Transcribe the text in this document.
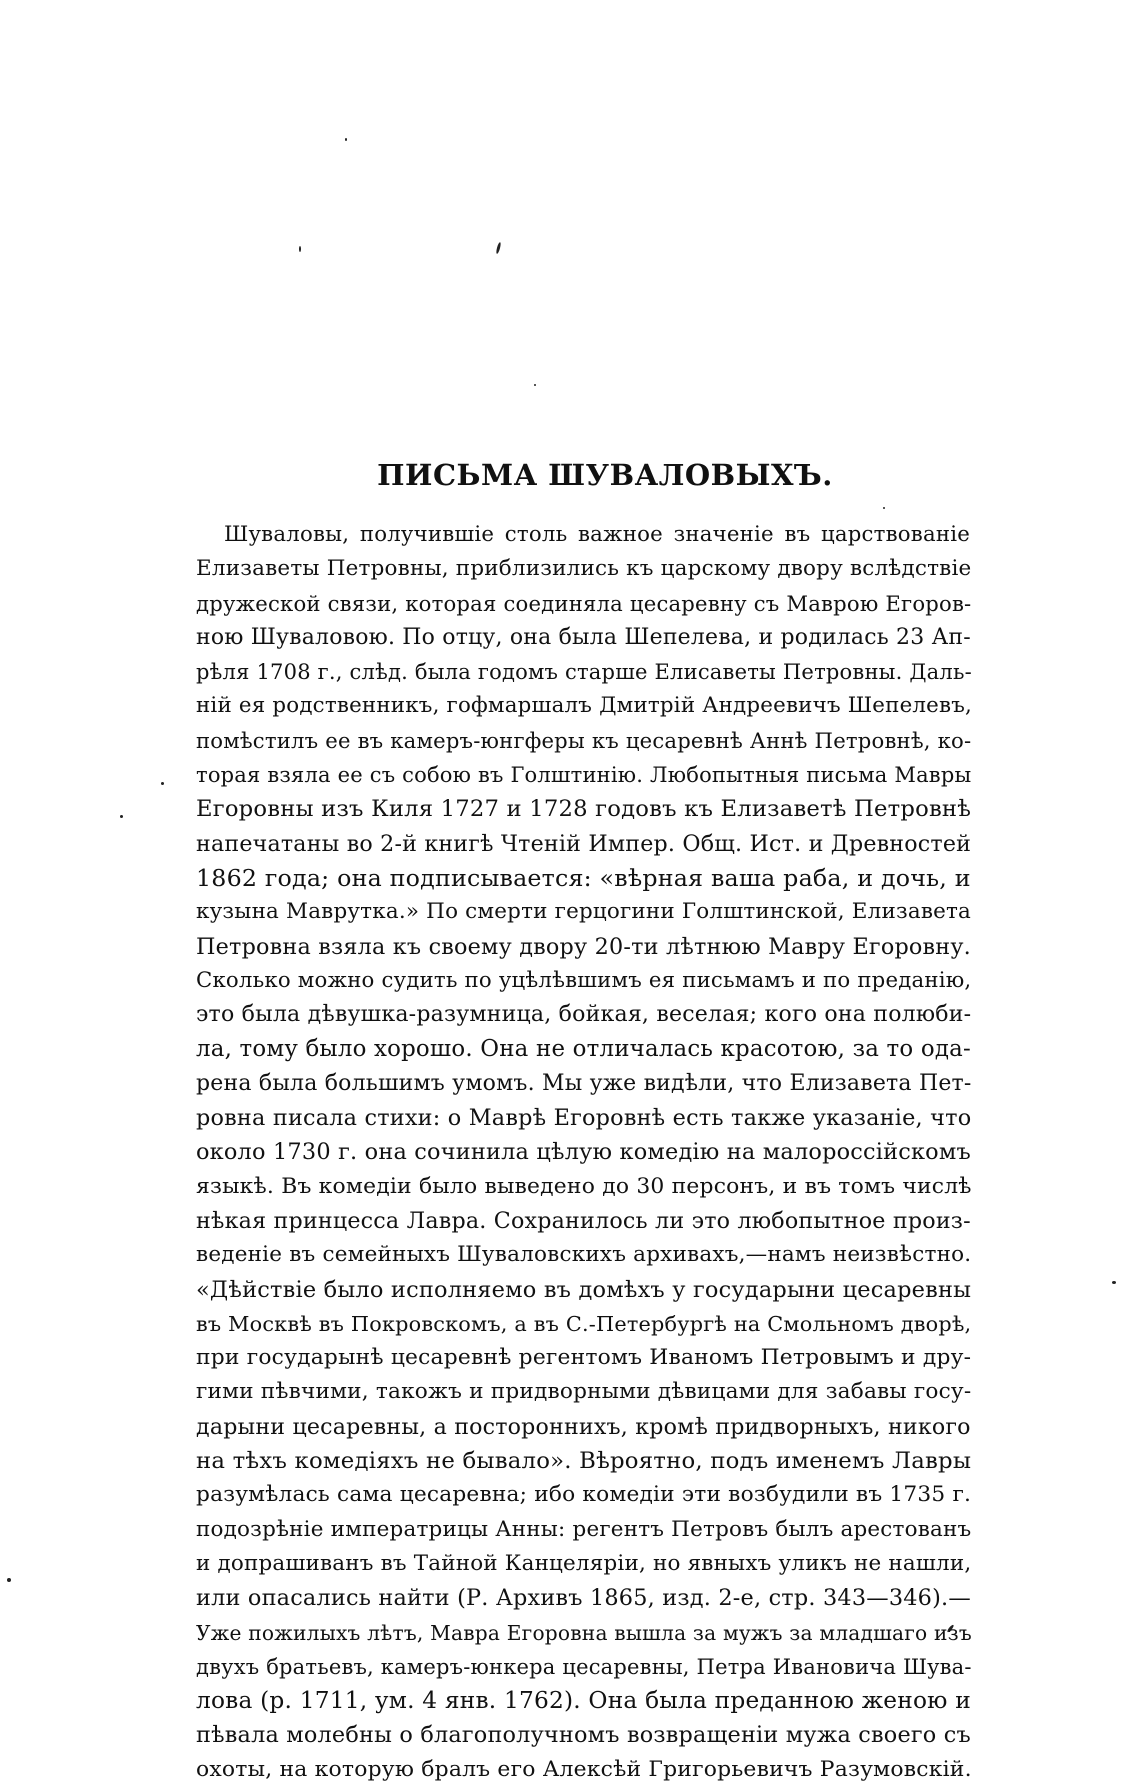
ПИСЬМА ШУВАЛОВЫХЪ.
Шуваловы, получившіе столь важное значеніе въ царствованіе
Елизаветы Петровны, приблизились къ царскому двору вслѣдствіе
дружеской связи, которая соединяла цесаревну съ Маврою Егоров-
ною Шуваловою. По отцу, она была Шепелева, и родилась 23 Ап-
рѣля 1708 г., слѣд. была годомъ старше Елисаветы Петровны. Даль-
ній ея родственникъ, гофмаршалъ Дмитрій Андреевичъ Шепелевъ,
помѣстилъ ее въ камеръ-юнгферы къ цесаревнѣ Аннѣ Петровнѣ, ко-
торая взяла ее съ собою въ Голштинію. Любопытныя письма Мавры
Егоровны изъ Киля 1727 и 1728 годовъ къ Елизаветѣ Петровнѣ
напечатаны во 2-й книгѣ Чтеній Импер. Общ. Ист. и Древностей
1862 года; она подписывается: «вѣрная ваша раба, и дочь, и
кузына Маврутка.» По смерти герцогини Голштинской, Елизавета
Петровна взяла къ своему двору 20-ти лѣтнюю Мавру Егоровну.
Сколько можно судить по уцѣлѣвшимъ ея письмамъ и по преданію,
это была дѣвушка-разумница, бойкая, веселая; кого она полюби-
ла, тому было хорошо. Она не отличалась красотою, за то ода-
рена была большимъ умомъ. Мы уже видѣли, что Елизавета Пет-
ровна писала стихи: о Маврѣ Егоровнѣ есть также указаніе, что
около 1730 г. она сочинила цѣлую комедію на малороссійскомъ
языкѣ. Въ комедіи было выведено до 30 персонъ, и въ томъ числѣ
нѣкая принцесса Лавра. Сохранилось ли это любопытное произ-
веденіе въ семейныхъ Шуваловскихъ архивахъ,—намъ неизвѣстно.
«Дѣйствіе было исполняемо въ домѣхъ у государыни цесаревны
въ Москвѣ въ Покровскомъ, а въ С.-Петербургѣ на Смольномъ дворѣ,
при государынѣ цесаревнѣ регентомъ Иваномъ Петровымъ и дру-
гими пѣвчими, такожъ и придворными дѣвицами для забавы госу-
дарыни цесаревны, а постороннихъ, кромѣ придворныхъ, никого
на тѣхъ комедіяхъ не бывало». Вѣроятно, подъ именемъ Лавры
разумѣлась сама цесаревна; ибо комедіи эти возбудили въ 1735 г.
подозрѣніе императрицы Анны: регентъ Петровъ былъ арестованъ
и допрашиванъ въ Тайной Канцеляріи, но явныхъ уликъ не нашли,
или опасались найти (Р. Архивъ 1865, изд. 2-е, стр. 343—346).—
Уже пожилыхъ лѣтъ, Мавра Егоровна вышла за мужъ за младшаго изъ
двухъ братьевъ, камеръ-юнкера цесаревны, Петра Ивановича Шува-
лова (р. 1711, ум. 4 янв. 1762). Она была преданною женою и
пѣвала молебны о благополучномъ возвращеніи мужа своего съ
охоты, на которую бралъ его Алексѣй Григорьевичъ Разумовскій.
